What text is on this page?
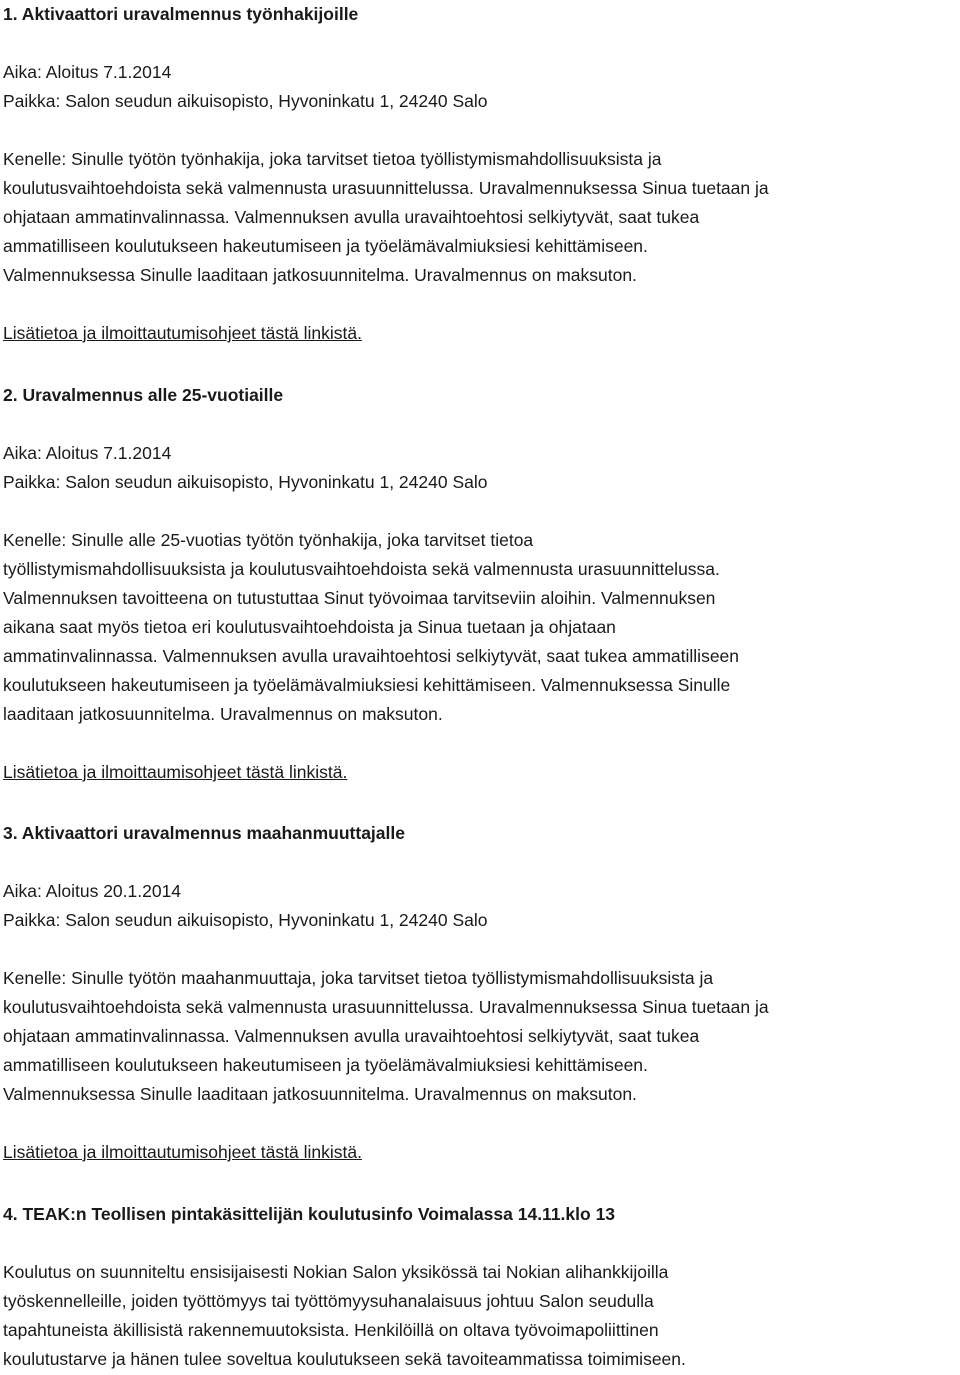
1. Aktivaattori uravalmennus työnhakijoille
Aika: Aloitus 7.1.2014
Paikka: Salon seudun aikuisopisto, Hyvoninkatu 1, 24240 Salo
Kenelle: Sinulle työtön työnhakija, joka tarvitset tietoa työllistymismahdollisuuksista ja
koulutusvaihtoehdoista sekä valmennusta urasuunnittelussa. Uravalmennuksessa Sinua tuetaan ja
ohjataan ammatinvalinnassa. Valmennuksen avulla uravaihtoehtosi selkiytyvät, saat tukea
ammatilliseen koulutukseen hakeutumiseen ja työelämävalmiuksiesi kehittämiseen.
Valmennuksessa Sinulle laaditaan jatkosuunnitelma. Uravalmennus on maksuton.
Lisätietoa ja ilmoittautumisohjeet tästä linkistä.
2. Uravalmennus alle 25-vuotiaille
Aika: Aloitus 7.1.2014
Paikka: Salon seudun aikuisopisto, Hyvoninkatu 1, 24240 Salo
Kenelle: Sinulle alle 25-vuotias työtön työnhakija, joka tarvitset tietoa
työllistymismahdollisuuksista ja koulutusvaihtoehdoista sekä valmennusta urasuunnittelussa.
Valmennuksen tavoitteena on tutustuttaa Sinut työvoimaa tarvitseviin aloihin. Valmennuksen
aikana saat myös tietoa eri koulutusvaihtoehdoista ja Sinua tuetaan ja ohjataan
ammatinvalinnassa. Valmennuksen avulla uravaihtoehtosi selkiytyvät, saat tukea ammatilliseen
koulutukseen hakeutumiseen ja työelämävalmiuksiesi kehittämiseen. Valmennuksessa Sinulle
laaditaan jatkosuunnitelma. Uravalmennus on maksuton.
Lisätietoa ja ilmoittaumisohjeet tästä linkistä.
3. Aktivaattori uravalmennus maahanmuuttajalle
Aika: Aloitus 20.1.2014
Paikka: Salon seudun aikuisopisto, Hyvoninkatu 1, 24240 Salo
Kenelle: Sinulle työtön maahanmuuttaja, joka tarvitset tietoa työllistymismahdollisuuksista ja
koulutusvaihtoehdoista sekä valmennusta urasuunnittelussa. Uravalmennuksessa Sinua tuetaan ja
ohjataan ammatinvalinnassa. Valmennuksen avulla uravaihtoehtosi selkiytyvät, saat tukea
ammatilliseen koulutukseen hakeutumiseen ja työelämävalmiuksiesi kehittämiseen.
Valmennuksessa Sinulle laaditaan jatkosuunnitelma. Uravalmennus on maksuton.
Lisätietoa ja ilmoittautumisohjeet tästä linkistä.
4. TEAK:n Teollisen pintakäsittelijän koulutusinfo Voimalassa 14.11.klo 13
Koulutus on suunniteltu ensisijaisesti Nokian Salon yksikössä tai Nokian alihankkijoilla
työskennelleille, joiden työttömyys tai työttömyysuhanalaisuus johtuu Salon seudulla
tapahtuneista äkillisistä rakennemuutoksista. Henkilöillä on oltava työvoimapoliittinen
koulutustarve ja hänen tulee soveltua koulutukseen sekä tavoiteammatissa toimimiseen.
